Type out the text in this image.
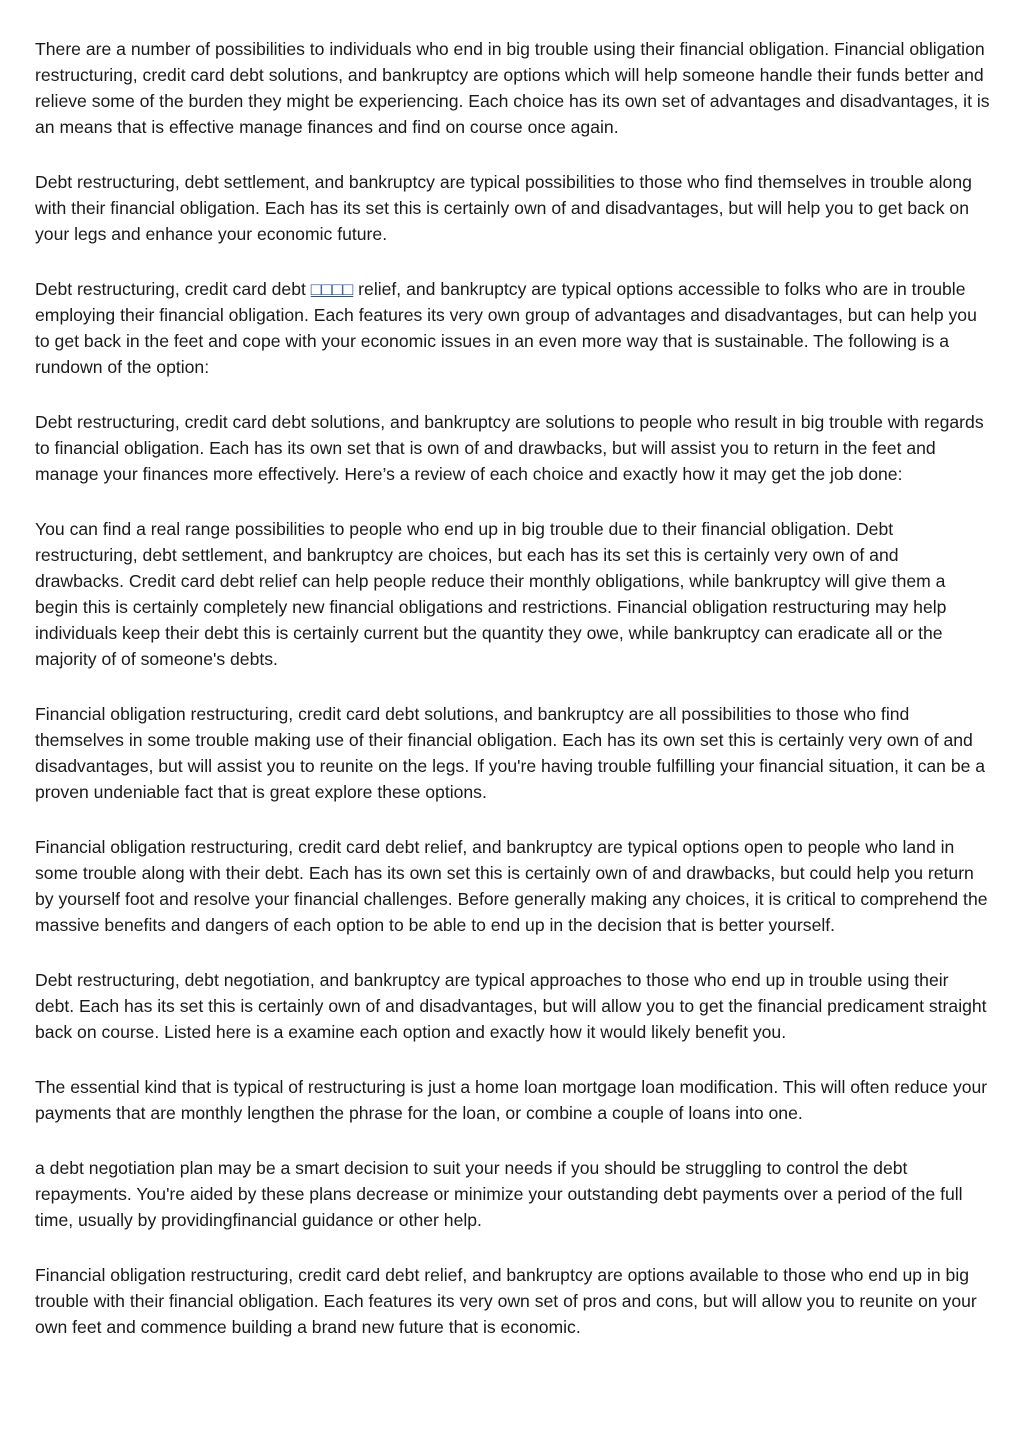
There are a number of possibilities to individuals who end in big trouble using their financial obligation. Financial obligation restructuring, credit card debt solutions, and bankruptcy are options which will help someone handle their funds better and relieve some of the burden they might be experiencing. Each choice has its own set of advantages and disadvantages, it is an means that is effective manage finances and find on course once again.

Debt restructuring, debt settlement, and bankruptcy are typical possibilities to those who find themselves in trouble along with their financial obligation. Each has its set this is certainly own of and disadvantages, but will help you to get back on your legs and enhance your economic future.

Debt restructuring, credit card debt □□□□ relief, and bankruptcy are typical options accessible to folks who are in trouble employing their financial obligation. Each features its very own group of advantages and disadvantages, but can help you to get back in the feet and cope with your economic issues in an even more way that is sustainable. The following is a rundown of the option:

Debt restructuring, credit card debt solutions, and bankruptcy are solutions to people who result in big trouble with regards to financial obligation. Each has its own set that is own of and drawbacks, but will assist you to return in the feet and manage your finances more effectively. Here’s a review of each choice and exactly how it may get the job done:

You can find a real range possibilities to people who end up in big trouble due to their financial obligation. Debt restructuring, debt settlement, and bankruptcy are choices, but each has its set this is certainly very own of and drawbacks. Credit card debt relief can help people reduce their monthly obligations, while bankruptcy will give them a begin this is certainly completely new financial obligations and restrictions. Financial obligation restructuring may help individuals keep their debt this is certainly current but the quantity they owe, while bankruptcy can eradicate all or the majority of of someone's debts.

Financial obligation restructuring, credit card debt solutions, and bankruptcy are all possibilities to those who find themselves in some trouble making use of their financial obligation. Each has its own set this is certainly very own of and disadvantages, but will assist you to reunite on the legs. If you're having trouble fulfilling your financial situation, it can be a proven undeniable fact that is great explore these options.

Financial obligation restructuring, credit card debt relief, and bankruptcy are typical options open to people who land in some trouble along with their debt. Each has its own set this is certainly own of and drawbacks, but could help you return by yourself foot and resolve your financial challenges. Before generally making any choices, it is critical to comprehend the massive benefits and dangers of each option to be able to end up in the decision that is better yourself.

Debt restructuring, debt negotiation, and bankruptcy are typical approaches to those who end up in trouble using their debt. Each has its set this is certainly own of and disadvantages, but will allow you to get the financial predicament straight back on course. Listed here is a examine each option and exactly how it would likely benefit you.

The essential kind that is typical of restructuring is just a home loan mortgage loan modification. This will often reduce your payments that are monthly lengthen the phrase for the loan, or combine a couple of loans into one.

a debt negotiation plan may be a smart decision to suit your needs if you should be struggling to control the debt repayments. You're aided by these plans decrease or minimize your outstanding debt payments over a period of the full time, usually by providingfinancial guidance or other help.

Financial obligation restructuring, credit card debt relief, and bankruptcy are options available to those who end up in big trouble with their financial obligation. Each features its very own set of pros and cons, but will allow you to reunite on your own feet and commence building a brand new future that is economic.
